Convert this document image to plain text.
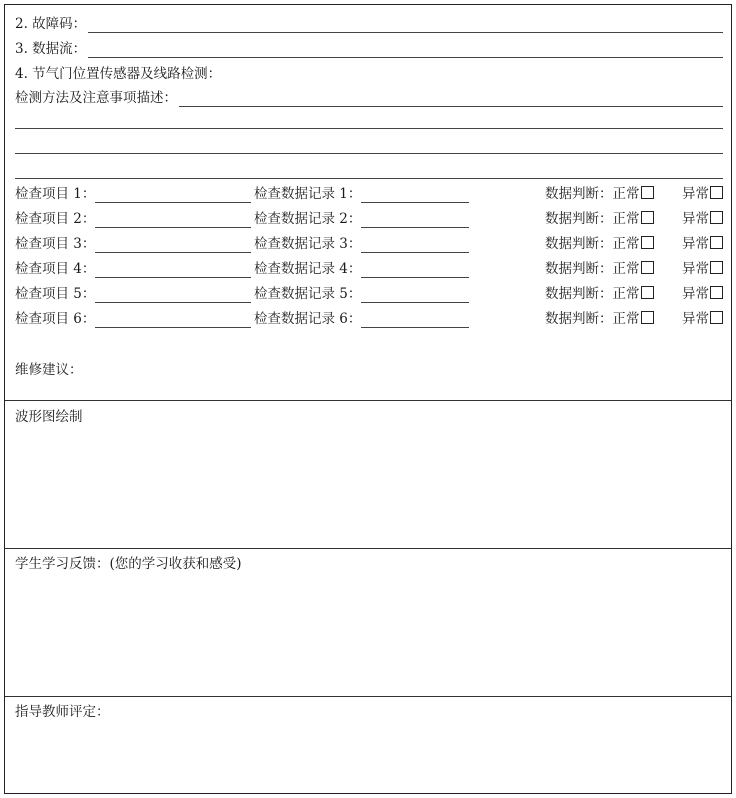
2. 故障码：
3. 数据流：
4. 节气门位置传感器及线路检测：
检测方法及注意事项描述：
检查项目 1：	检查数据记录 1：	数据判断：正常	异常
检查项目 2：	检查数据记录 2：	数据判断：正常	异常
检查项目 3：	检查数据记录 3：	数据判断：正常	异常
检查项目 4：	检查数据记录 4：	数据判断：正常	异常
检查项目 5：	检查数据记录 5：	数据判断：正常	异常
检查项目 6：	检查数据记录 6：	数据判断：正常	异常
维修建议：
波形图绘制
学生学习反馈：(您的学习收获和感受)
指导教师评定：
